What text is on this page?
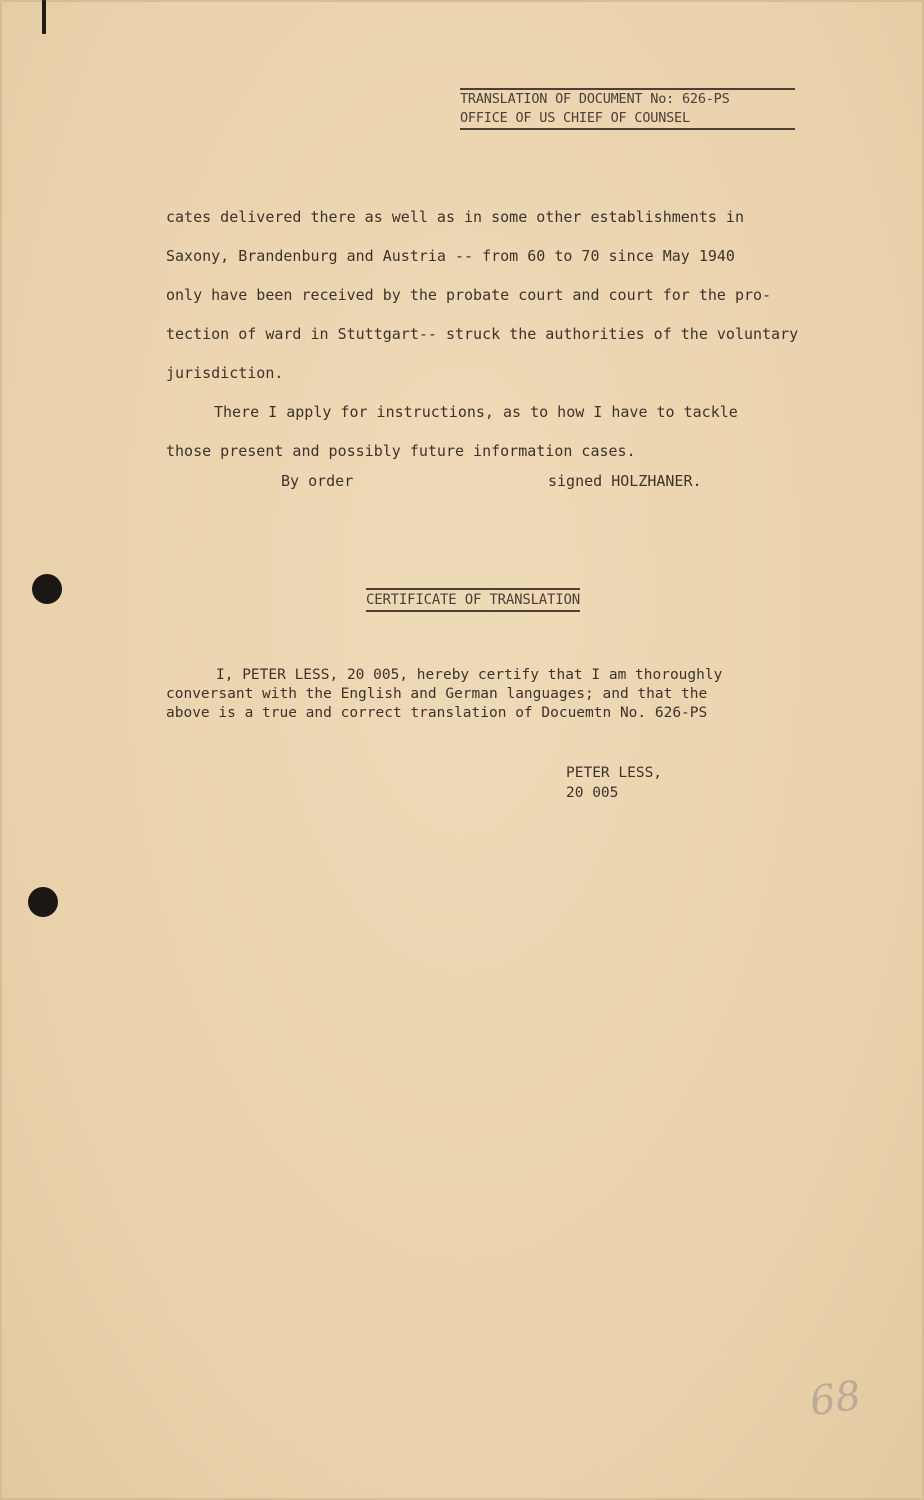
TRANSLATION OF DOCUMENT No: 626-PS
OFFICE OF US CHIEF OF COUNSEL

cates delivered there as well as in some other establishments in

Saxony, Brandenburg and Austria -- from 60 to 70 since May 1940

only have been received by the probate court and court for the pro-

tection of ward in Stuttgart-- struck the authorities of the voluntary

jurisdiction.

There I apply for instructions, as to how I have to tackle

those present and possibly future information cases.

By order	signed HOLZHANER.
CERTIFICATE OF TRANSLATION

I, PETER LESS, 20 005, hereby certify that I am thoroughly

conversant with the English and German languages; and that the

above is a true and correct translation of Docuemtn No. 626-PS

PETER LESS,
20 005
68
